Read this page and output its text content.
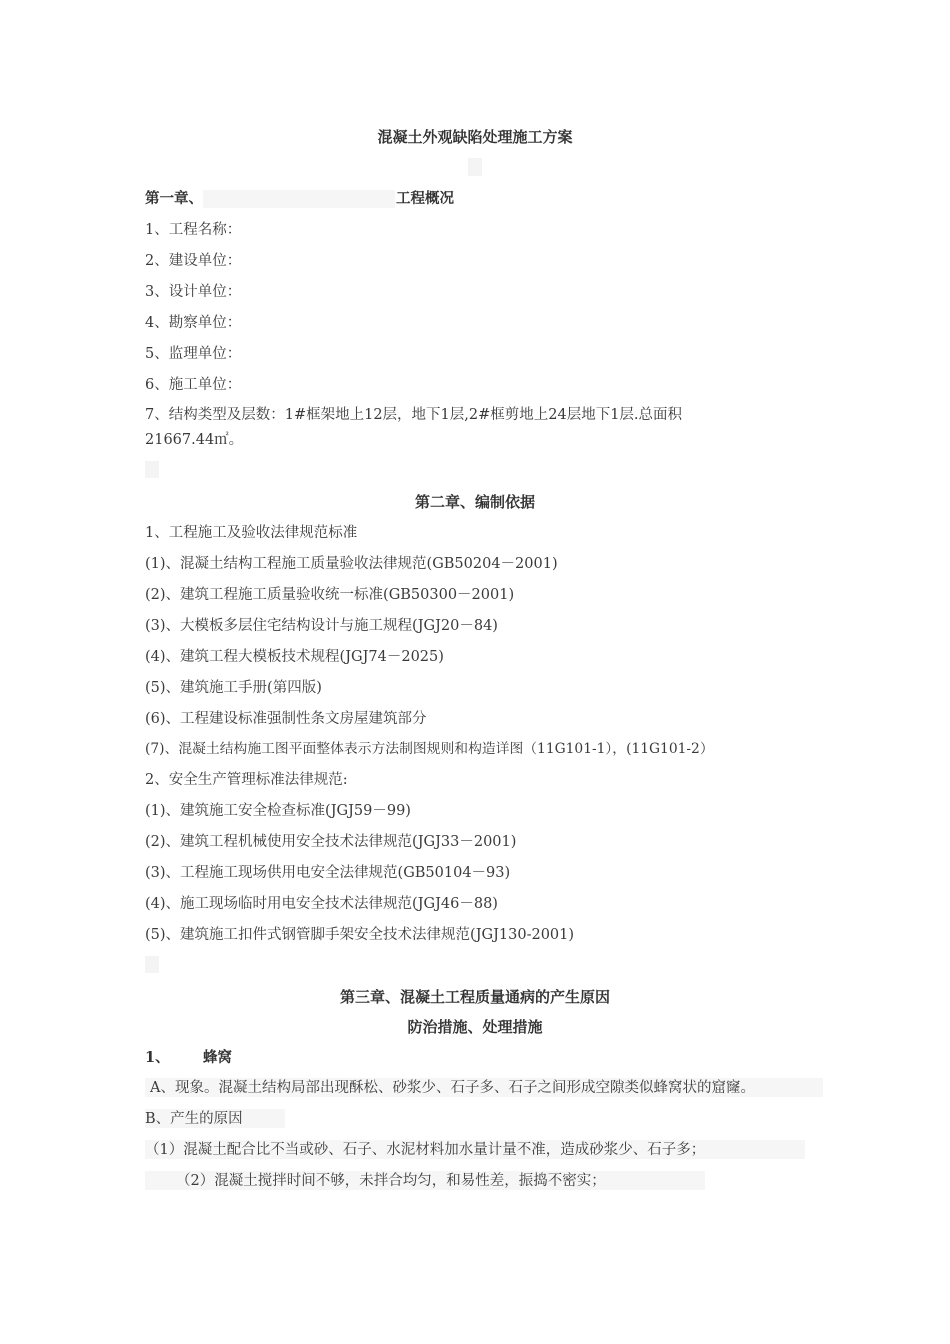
混凝土外观缺陷处理施工方案
第一章、	工程概况
1、工程名称：
2、建设单位：
3、设计单位：
4、勘察单位：
5、监理单位：
6、施工单位：
7、结构类型及层数：1#框架地上12层，地下1层,2#框剪地上24层地下1层.总面积
21667.44㎡。
第二章、编制依据
1、工程施工及验收法律规范标准
(1)、混凝土结构工程施工质量验收法律规范(GB50204－2001)
(2)、建筑工程施工质量验收统一标准(GB50300－2001)
(3)、大模板多层住宅结构设计与施工规程(JGJ20－84)
(4)、建筑工程大模板技术规程(JGJ74－2025)
(5)、建筑施工手册(第四版)
(6)、工程建设标准强制性条文房屋建筑部分
(7)、混凝土结构施工图平面整体表示方法制图规则和构造详图（11G101-1），(11G101-2）
2、安全生产管理标准法律规范:
(1)、建筑施工安全检查标准(JGJ59－99)
(2)、建筑工程机械使用安全技术法律规范(JGJ33－2001)
(3)、工程施工现场供用电安全法律规范(GB50104－93)
(4)、施工现场临时用电安全技术法律规范(JGJ46－88)
(5)、建筑施工扣件式钢管脚手架安全技术法律规范(JGJ130-2001)
第三章、混凝土工程质量通病的产生原因
防治措施、处理措施
1、 蜂窝
A、现象。混凝土结构局部出现酥松、砂浆少、石子多、石子之间形成空隙类似蜂窝状的窟窿。
B、产生的原因
（1）混凝土配合比不当或砂、石子、水泥材料加水量计量不准，造成砂浆少、石子多；
（2）混凝土搅拌时间不够，未拌合均匀，和易性差，振捣不密实；
